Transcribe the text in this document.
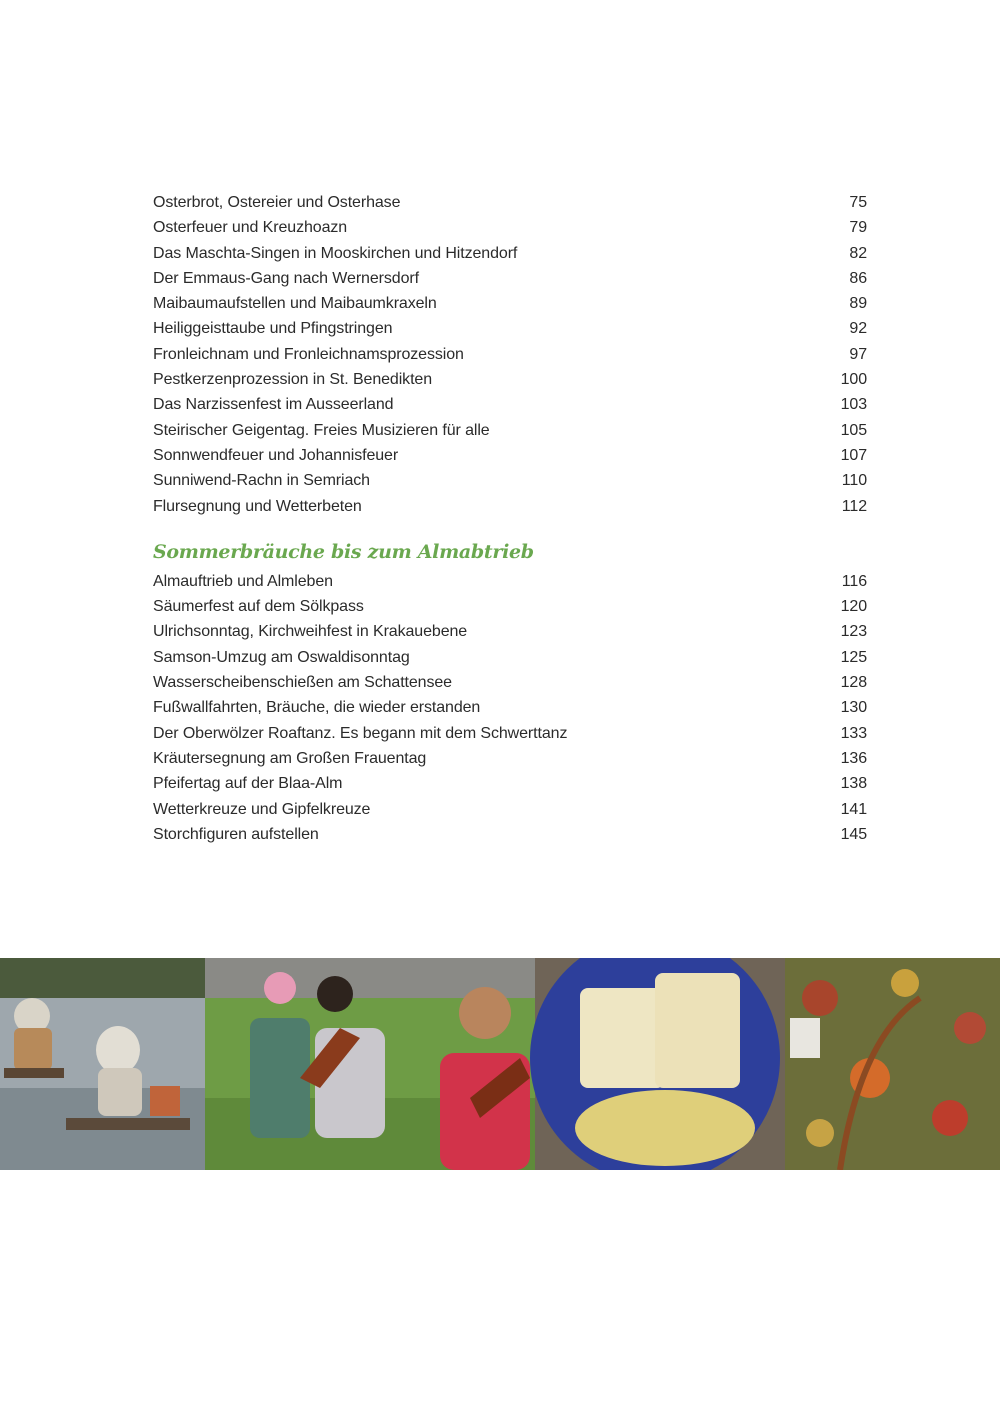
Osterbrot, Ostereier und Osterhase	75
Osterfeuer und Kreuzhoazn	79
Das Maschta-Singen in Mooskirchen und Hitzendorf	82
Der Emmaus-Gang nach Wernersdorf	86
Maibaumaufstellen und Maibaumkraxeln	89
Heiliggeisttaube und Pfingstringen	92
Fronleichnam und Fronleichnamsprozession	97
Pestkerzenprozession in St. Benedikten	100
Das Narzissenfest im Ausseerland	103
Steirischer Geigentag. Freies Musizieren für alle	105
Sonnwendfeuer und Johannisfeuer	107
Sunniwend-Rachn in Semriach	110
Flursegnung und Wetterbeten	112
Sommerbräuche bis zum Almabtrieb
Almauftrieb und Almleben	116
Säumerfest auf dem Sölkpass	120
Ulrichsonntag, Kirchweihfest in Krakauebene	123
Samson-Umzug am Oswaldisonntag	125
Wasserscheibenschießen am Schattensee	128
Fußwallfahrten, Bräuche, die wieder erstanden	130
Der Oberwölzer Roaftanz. Es begann mit dem Schwerttanz	133
Kräutersegnung am Großen Frauentag	136
Pfeifertag auf der Blaa-Alm	138
Wetterkreuze und Gipfelkreuze	141
Storchfiguren aufstellen	145
